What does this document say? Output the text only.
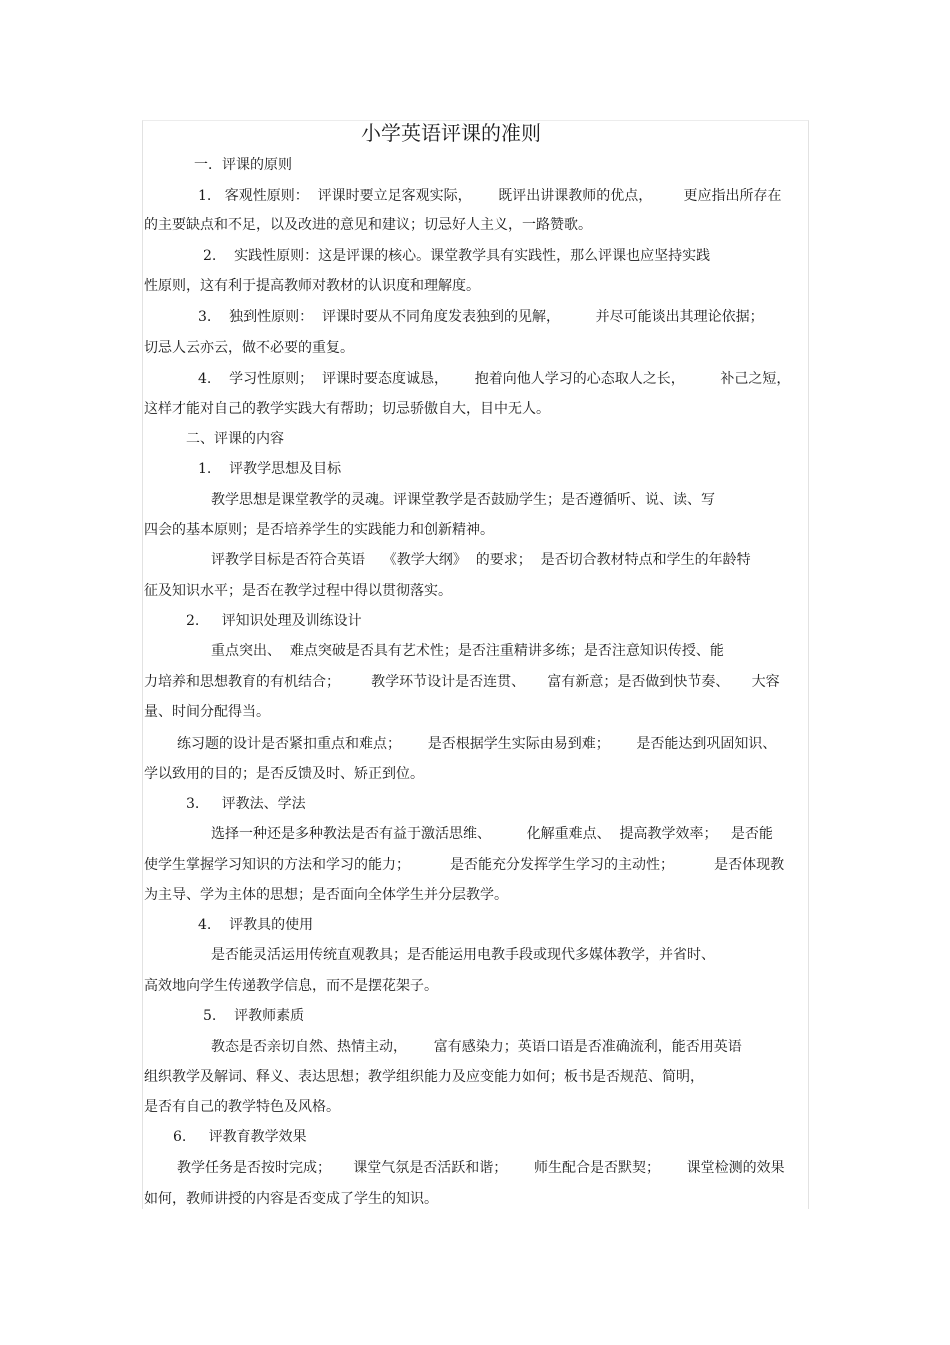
小学英语评课的准则
一．评课的原则
1.   客观性原则：  评课时要立足客观实际，      既评出讲课教师的优点，       更应指出所存在
的主要缺点和不足，以及改进的意见和建议；切忌好人主义，一路赞歌。
2.    实践性原则：这是评课的核心。课堂教学具有实践性，那么评课也应坚持实践
性原则，这有利于提高教师对教材的认识度和理解度。
3.    独到性原则：  评课时要从不同角度发表独到的见解，        并尽可能谈出其理论依据；
切忌人云亦云，做不必要的重复。
4.    学习性原则；  评课时要态度诚恳，      抱着向他人学习的心态取人之长，        补己之短，
这样才能对自己的教学实践大有帮助；切忌骄傲自大，目中无人。
二、评课的内容
1.    评教学思想及目标
教学思想是课堂教学的灵魂。评课堂教学是否鼓励学生；是否遵循听、说、读、写
四会的基本原则；是否培养学生的实践能力和创新精神。
评教学目标是否符合英语    《教学大纲》  的要求；  是否切合教材特点和学生的年龄特
征及知识水平；是否在教学过程中得以贯彻落实。
2.     评知识处理及训练设计
重点突出、  难点突破是否具有艺术性；是否注重精讲多练；是否注意知识传授、能
力培养和思想教育的有机结合；       教学环节设计是否连贯、     富有新意；是否做到快节奏、     大容
量、时间分配得当。
练习题的设计是否紧扣重点和难点；      是否根据学生实际由易到难；      是否能达到巩固知识、
学以致用的目的；是否反馈及时、矫正到位。
3.     评教法、学法
选择一种还是多种教法是否有益于激活思维、        化解重难点、  提高教学效率；   是否能
使学生掌握学习知识的方法和学习的能力；         是否能充分发挥学生学习的主动性；         是否体现教
为主导、学为主体的思想；是否面向全体学生并分层教学。
4.    评教具的使用
是否能灵活运用传统直观教具；是否能运用电教手段或现代多媒体教学，并省时、
高效地向学生传递教学信息，而不是摆花架子。
5.    评教师素质
教态是否亲切自然、热情主动，      富有感染力；英语口语是否准确流利，能否用英语
组织教学及解词、释义、表达思想；教学组织能力及应变能力如何；板书是否规范、简明，
是否有自己的教学特色及风格。
6.     评教育教学效果
教学任务是否按时完成；     课堂气氛是否活跃和谐；      师生配合是否默契；      课堂检测的效果
如何，教师讲授的内容是否变成了学生的知识。
